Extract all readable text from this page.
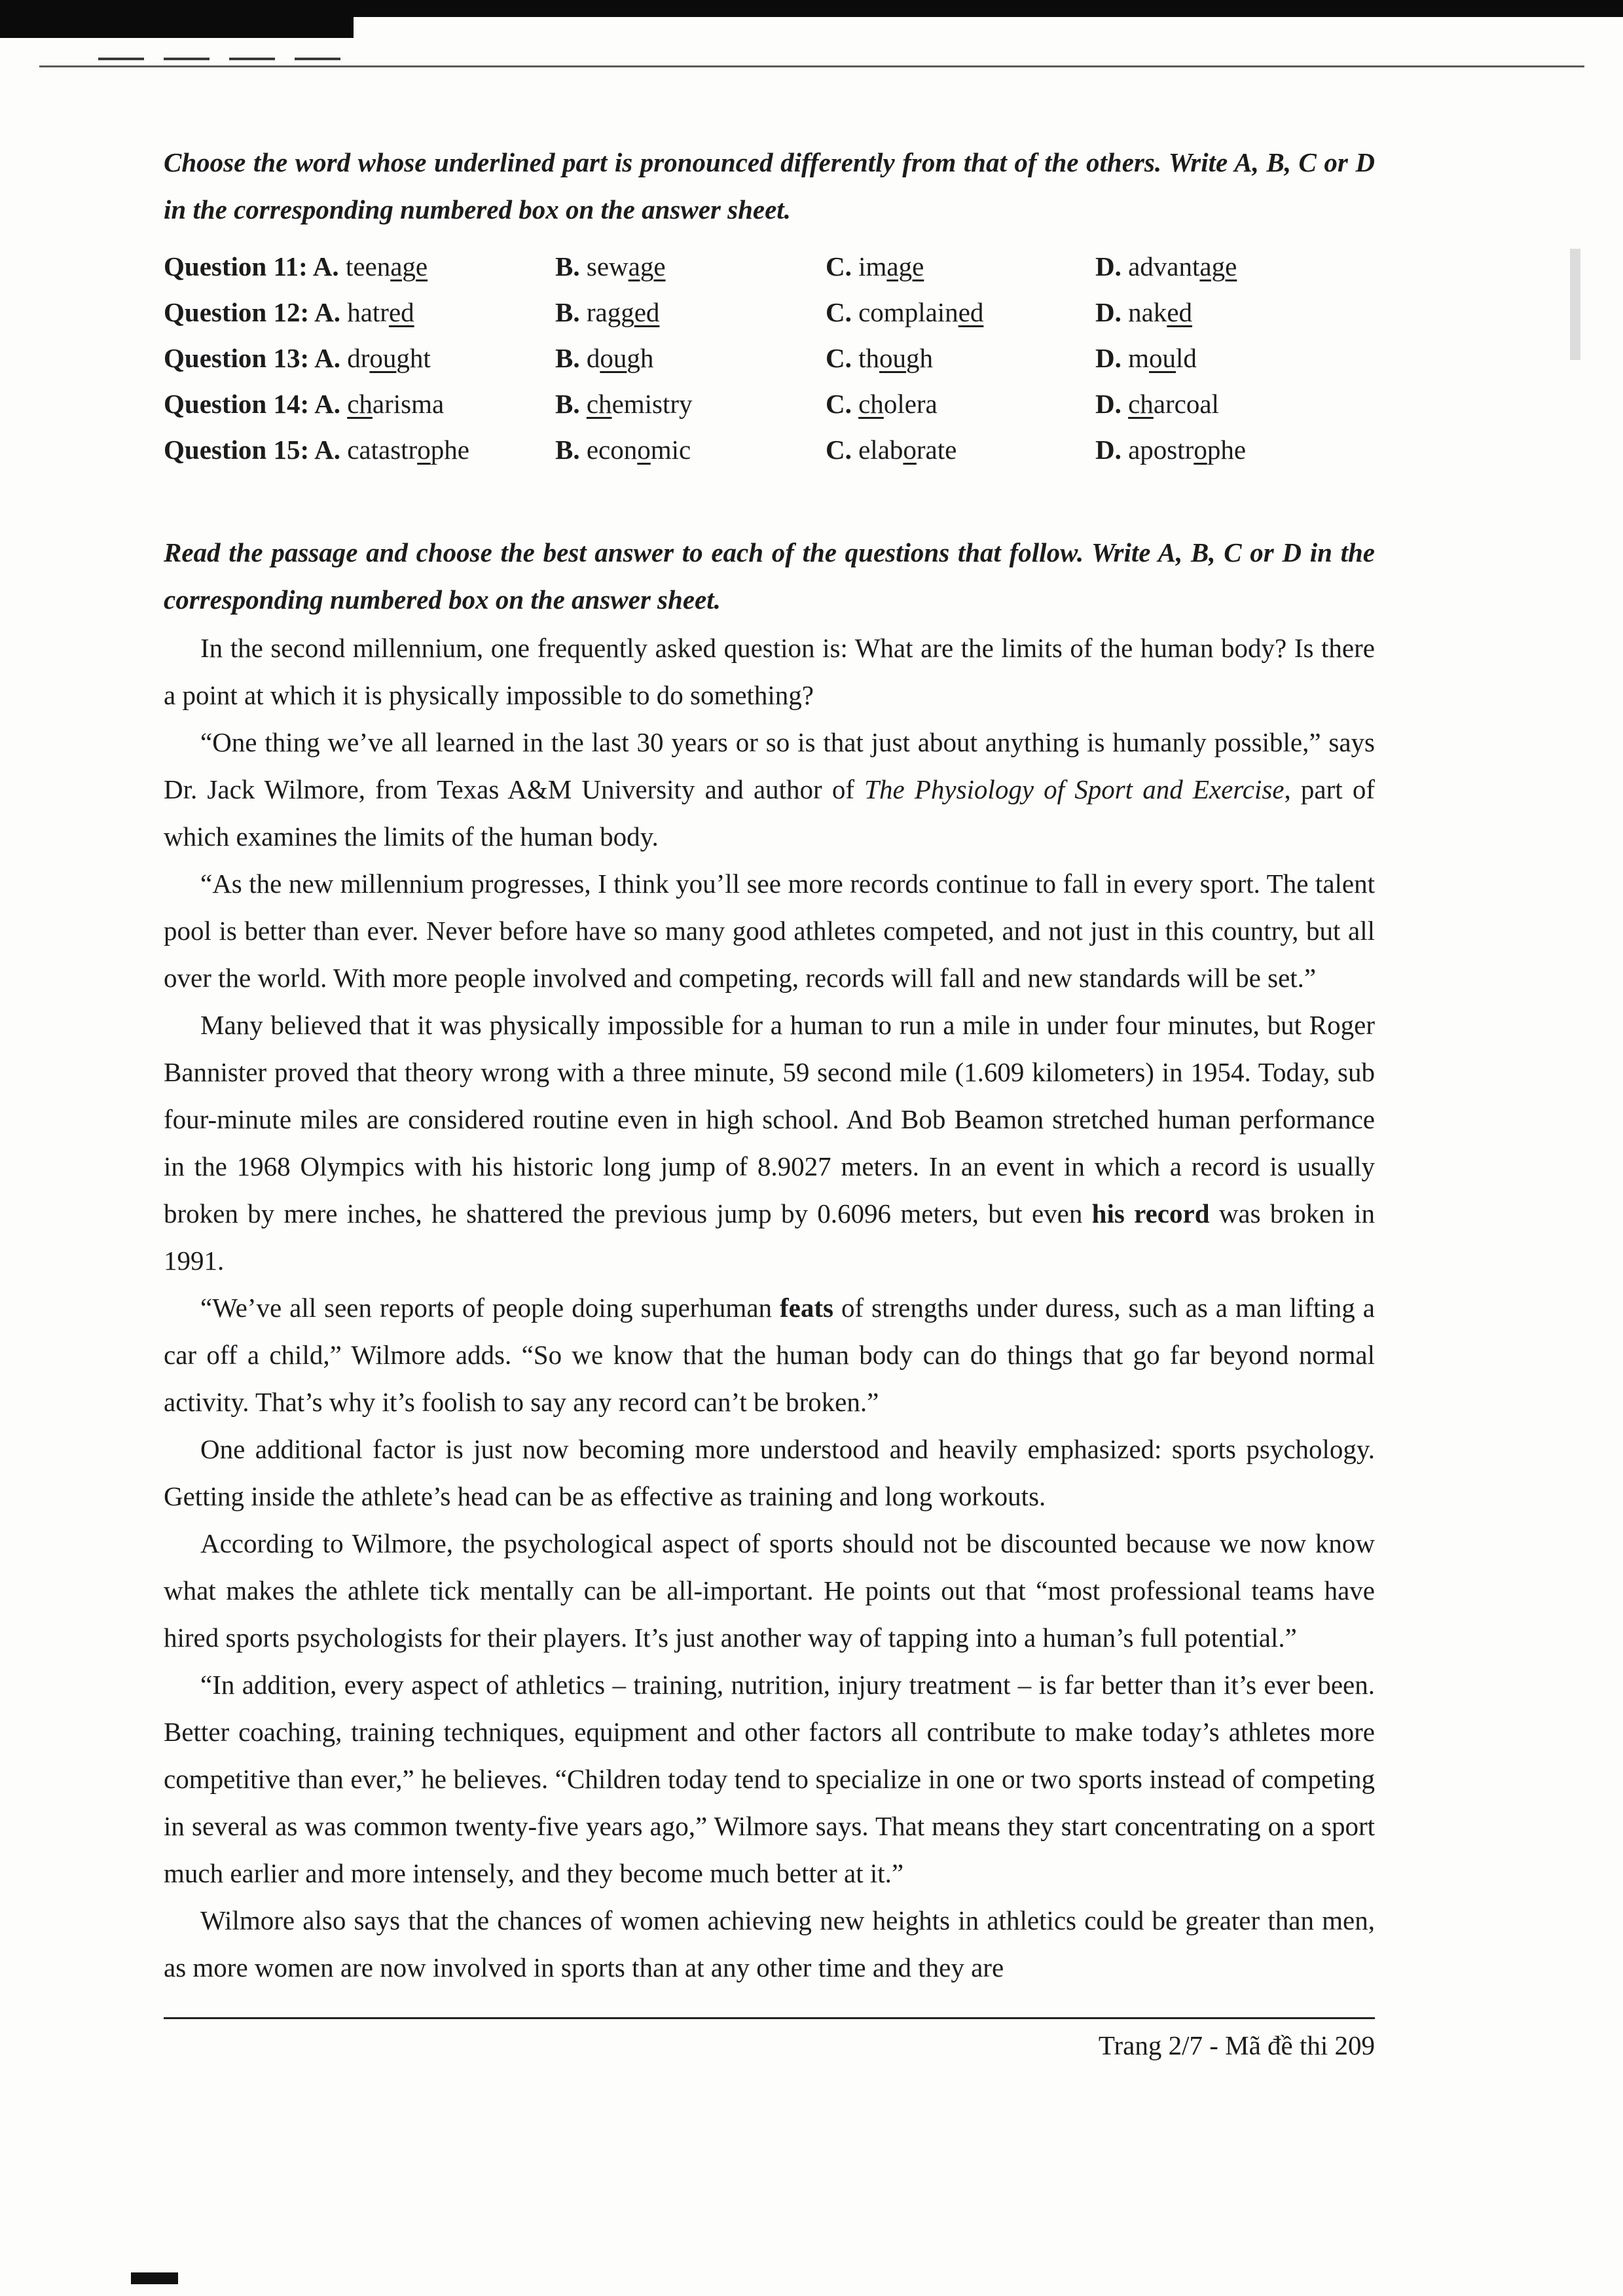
Choose the word whose underlined part is pronounced differently from that of the others. Write A, B, C or D in the corresponding numbered box on the answer sheet.

Question 11: A. teenage	B. sewage	C. image	D. advantage
Question 12: A. hatred	B. ragged	C. complained	D. naked
Question 13: A. drought	B. dough	C. though	D. mould
Question 14: A. charisma	B. chemistry	C. cholera	D. charcoal
Question 15: A. catastrophe	B. economic	C. elaborate	D. apostrophe

Read the passage and choose the best answer to each of the questions that follow. Write A, B, C or D in the corresponding numbered box on the answer sheet.

In the second millennium, one frequently asked question is: What are the limits of the human body? Is there a point at which it is physically impossible to do something?

“One thing we’ve all learned in the last 30 years or so is that just about anything is humanly possible,” says Dr. Jack Wilmore, from Texas A&M University and author of The Physiology of Sport and Exercise, part of which examines the limits of the human body.

“As the new millennium progresses, I think you’ll see more records continue to fall in every sport. The talent pool is better than ever. Never before have so many good athletes competed, and not just in this country, but all over the world. With more people involved and competing, records will fall and new standards will be set.”

Many believed that it was physically impossible for a human to run a mile in under four minutes, but Roger Bannister proved that theory wrong with a three minute, 59 second mile (1.609 kilometers) in 1954. Today, sub four-minute miles are considered routine even in high school. And Bob Beamon stretched human performance in the 1968 Olympics with his historic long jump of 8.9027 meters. In an event in which a record is usually broken by mere inches, he shattered the previous jump by 0.6096 meters, but even his record was broken in 1991.

“We’ve all seen reports of people doing superhuman feats of strengths under duress, such as a man lifting a car off a child,” Wilmore adds. “So we know that the human body can do things that go far beyond normal activity. That’s why it’s foolish to say any record can’t be broken.”

One additional factor is just now becoming more understood and heavily emphasized: sports psychology. Getting inside the athlete’s head can be as effective as training and long workouts.

According to Wilmore, the psychological aspect of sports should not be discounted because we now know what makes the athlete tick mentally can be all-important. He points out that “most professional teams have hired sports psychologists for their players. It’s just another way of tapping into a human’s full potential.”

“In addition, every aspect of athletics – training, nutrition, injury treatment – is far better than it’s ever been. Better coaching, training techniques, equipment and other factors all contribute to make today’s athletes more competitive than ever,” he believes. “Children today tend to specialize in one or two sports instead of competing in several as was common twenty-five years ago,” Wilmore says. That means they start concentrating on a sport much earlier and more intensely, and they become much better at it.”

Wilmore also says that the chances of women achieving new heights in athletics could be greater than men, as more women are now involved in sports than at any other time and they are

Trang 2/7 - Mã đề thi 209
